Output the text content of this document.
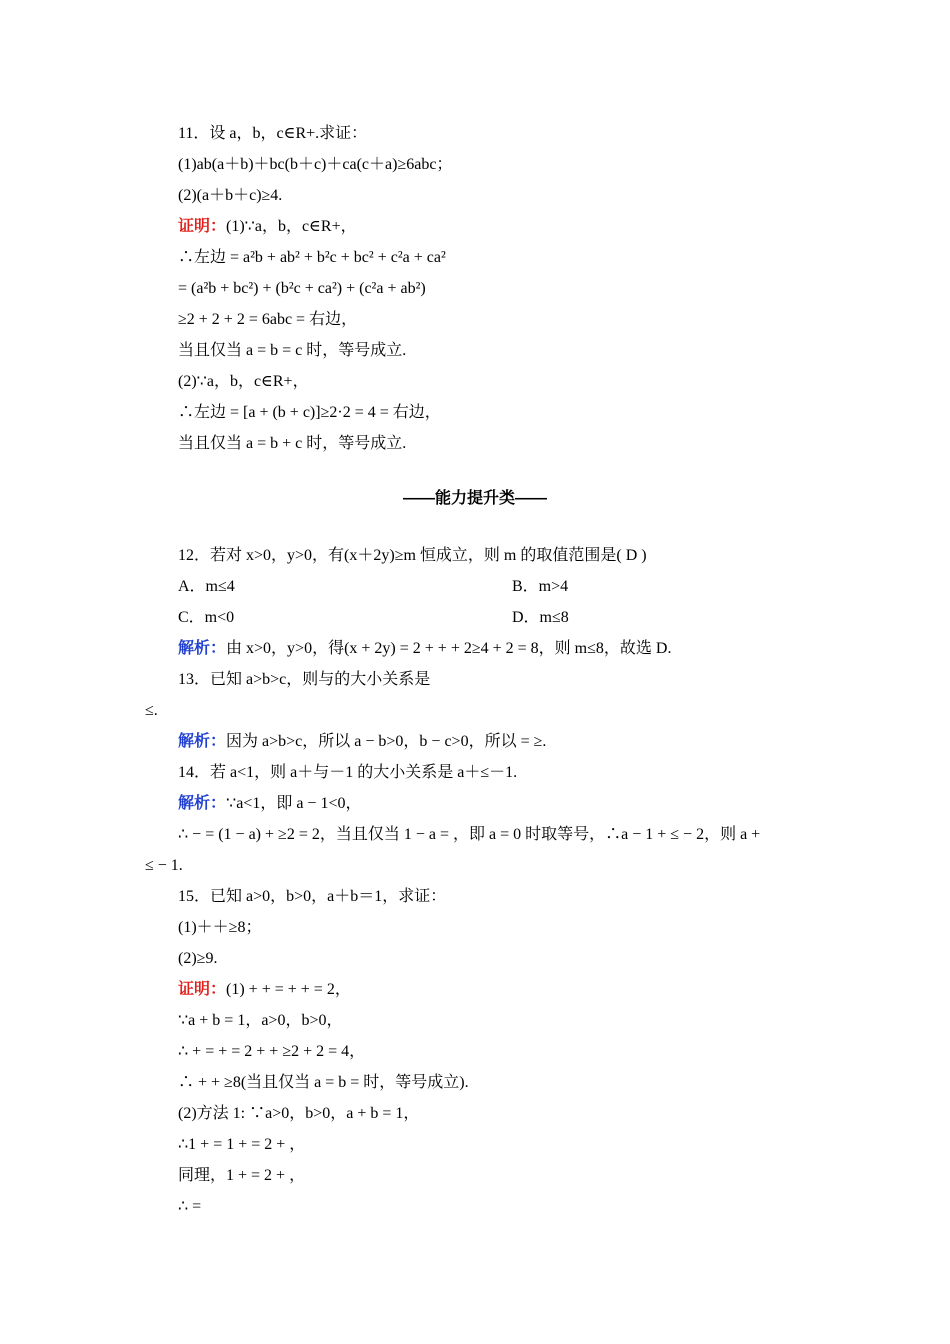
11．设 a，b，c∈R+.求证：
(1)ab(a＋b)＋bc(b＋c)＋ca(c＋a)≥6abc；
(2)(a＋b＋c)≥4.
证明：(1)∵a，b，c∈R+，
∴左边 = a²b + ab² + b²c + bc² + c²a + ca²
= (a²b + bc²) + (b²c + ca²) + (c²a + ab²)
≥2 + 2 + 2 = 6abc = 右边，
当且仅当 a = b = c 时，等号成立.
(2)∵a，b，c∈R+，
∴左边 = [a + (b + c)]≥2·2 = 4 = 右边，
当且仅当 a = b + c 时，等号成立.
——能力提升类——
12．若对 x>0，y>0，有(x＋2y)≥m 恒成立，则 m 的取值范围是( D )
A．m≤4	B．m>4
C．m<0	D．m≤8
解析：由 x>0，y>0，得(x + 2y) = 2 + + + 2≥4 + 2 = 8，则 m≤8，故选 D.
13．已知 a>b>c，则与的大小关系是
≤.
解析：因为 a>b>c，所以 a − b>0，b − c>0，所以 = ≥.
14．若 a<1，则 a＋与－1 的大小关系是 a＋≤－1.
解析：∵a<1，即 a − 1<0，
∴ − = (1 − a) + ≥2 = 2，当且仅当 1 − a = ，即 a = 0 时取等号，∴a − 1 + ≤ − 2，则 a +
≤ − 1.
15．已知 a>0，b>0，a＋b＝1，求证：
(1)＋＋≥8；
(2)≥9.
证明：(1) + + = + + = 2，
∵a + b = 1，a>0，b>0，
∴ + = + = 2 + + ≥2 + 2 = 4，
∴ + + ≥8(当且仅当 a = b = 时，等号成立).
(2)方法 1: ∵a>0，b>0，a + b = 1，
∴1 + = 1 + = 2 + ，
同理，1 + = 2 + ，
∴ =
